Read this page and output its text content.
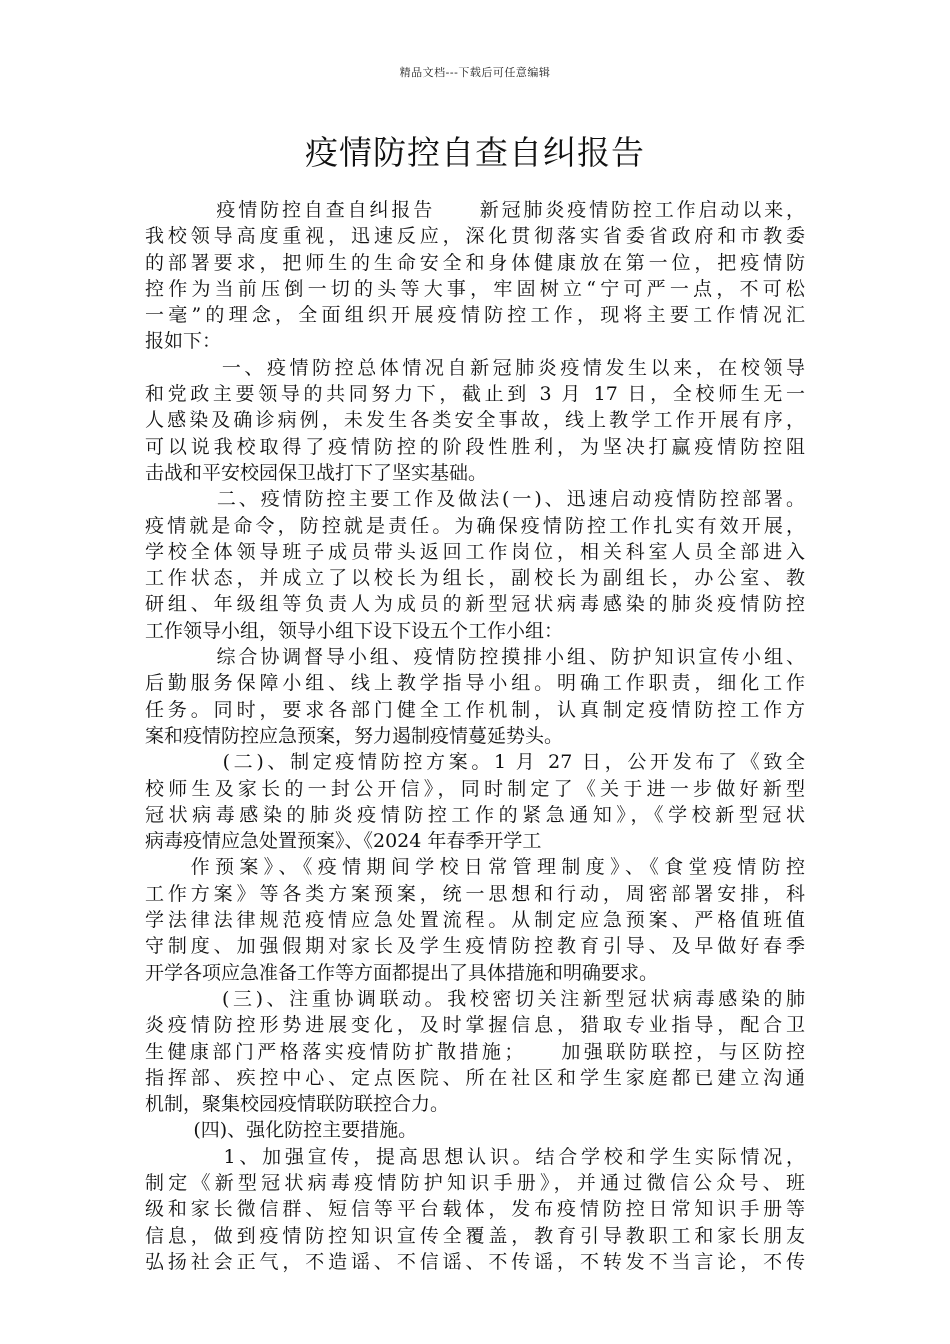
精品文档---下载后可任意编辑
疫情防控自查自纠报告
疫情防控自查自纠报告     新冠肺炎疫情防控工作启动以来，
我校领导高度重视，迅速反应，深化贯彻落实省委省政府和市教委
的部署要求，把师生的生命安全和身体健康放在第一位，把疫情防
控作为当前压倒一切的头等大事，牢固树立“宁可严一点，不可松
一毫”的理念，全面组织开展疫情防控工作，现将主要工作情况汇
报如下：
一、疫情防控总体情况自新冠肺炎疫情发生以来，在校领导
和党政主要领导的共同努力下，截止到 3 月 17 日，全校师生无一
人感染及确诊病例，未发生各类安全事故，线上教学工作开展有序，
可以说我校取得了疫情防控的阶段性胜利，为坚决打赢疫情防控阻
击战和平安校园保卫战打下了坚实基础。
二、疫情防控主要工作及做法(一)、迅速启动疫情防控部署。
疫情就是命令，防控就是责任。为确保疫情防控工作扎实有效开展，
学校全体领导班子成员带头返回工作岗位，相关科室人员全部进入
工作状态，并成立了以校长为组长，副校长为副组长，办公室、教
研组、年级组等负责人为成员的新型冠状病毒感染的肺炎疫情防控
工作领导小组，领导小组下设下设五个工作小组：
综合协调督导小组、疫情防控摸排小组、防护知识宣传小组、
后勤服务保障小组、线上教学指导小组。明确工作职责，细化工作
任务。同时，要求各部门健全工作机制，认真制定疫情防控工作方
案和疫情防控应急预案，努力遏制疫情蔓延势头。
(二)、制定疫情防控方案。1 月 27 日，公开发布了《致全
校师生及家长的一封公开信》，同时制定了《关于进一步做好新型
冠状病毒感染的肺炎疫情防控工作的紧急通知》，《学校新型冠状
病毒疫情应急处置预案》、《2024 年春季开学工
作预案》、《疫情期间学校日常管理制度》、《食堂疫情防控
工作方案》等各类方案预案，统一思想和行动，周密部署安排，科
学法律法律规范疫情应急处置流程。从制定应急预案、严格值班值
守制度、加强假期对家长及学生疫情防控教育引导、及早做好春季
开学各项应急准备工作等方面都提出了具体措施和明确要求。
(三)、注重协调联动。我校密切关注新型冠状病毒感染的肺
炎疫情防控形势进展变化，及时掌握信息，猎取专业指导，配合卫
生健康部门严格落实疫情防扩散措施；    加强联防联控，与区防控
指挥部、疾控中心、定点医院、所在社区和学生家庭都已建立沟通
机制，聚集校园疫情联防联控合力。
(四)、强化防控主要措施。
1、加强宣传，提高思想认识。结合学校和学生实际情况，
制定《新型冠状病毒疫情防护知识手册》，并通过微信公众号、班
级和家长微信群、短信等平台载体，发布疫情防控日常知识手册等
信息，做到疫情防控知识宣传全覆盖，教育引导教职工和家长朋友
弘扬社会正气，不造谣、不信谣、不传谣，不转发不当言论，不传
